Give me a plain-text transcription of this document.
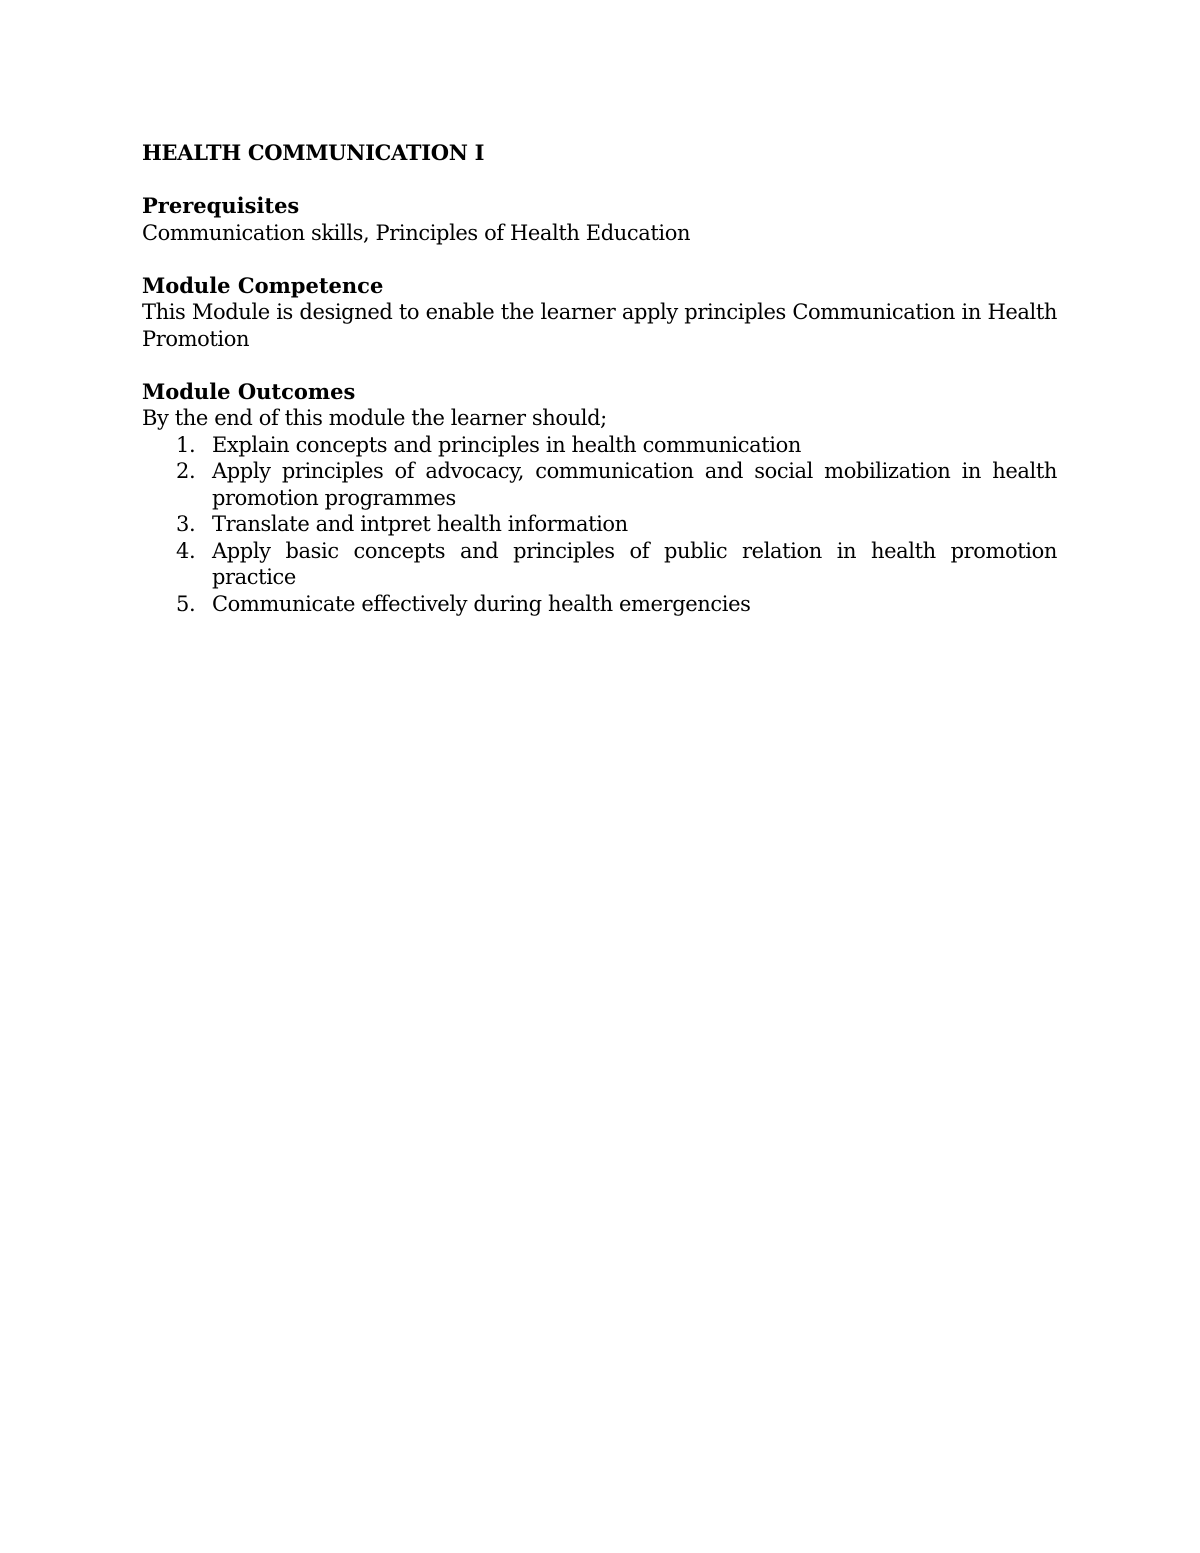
HEALTH COMMUNICATION I

Prerequisites

Communication skills, Principles of Health Education

Module Competence

This Module is designed to enable the learner apply principles Communication in Health Promotion

Module Outcomes

By the end of this module the learner should;

1. Explain concepts and principles in health communication
2. Apply principles of advocacy, communication and social mobilization in health promotion programmes
3. Translate and intpret health information
4. Apply basic concepts and principles of public relation in health promotion practice
5. Communicate effectively during health emergencies
